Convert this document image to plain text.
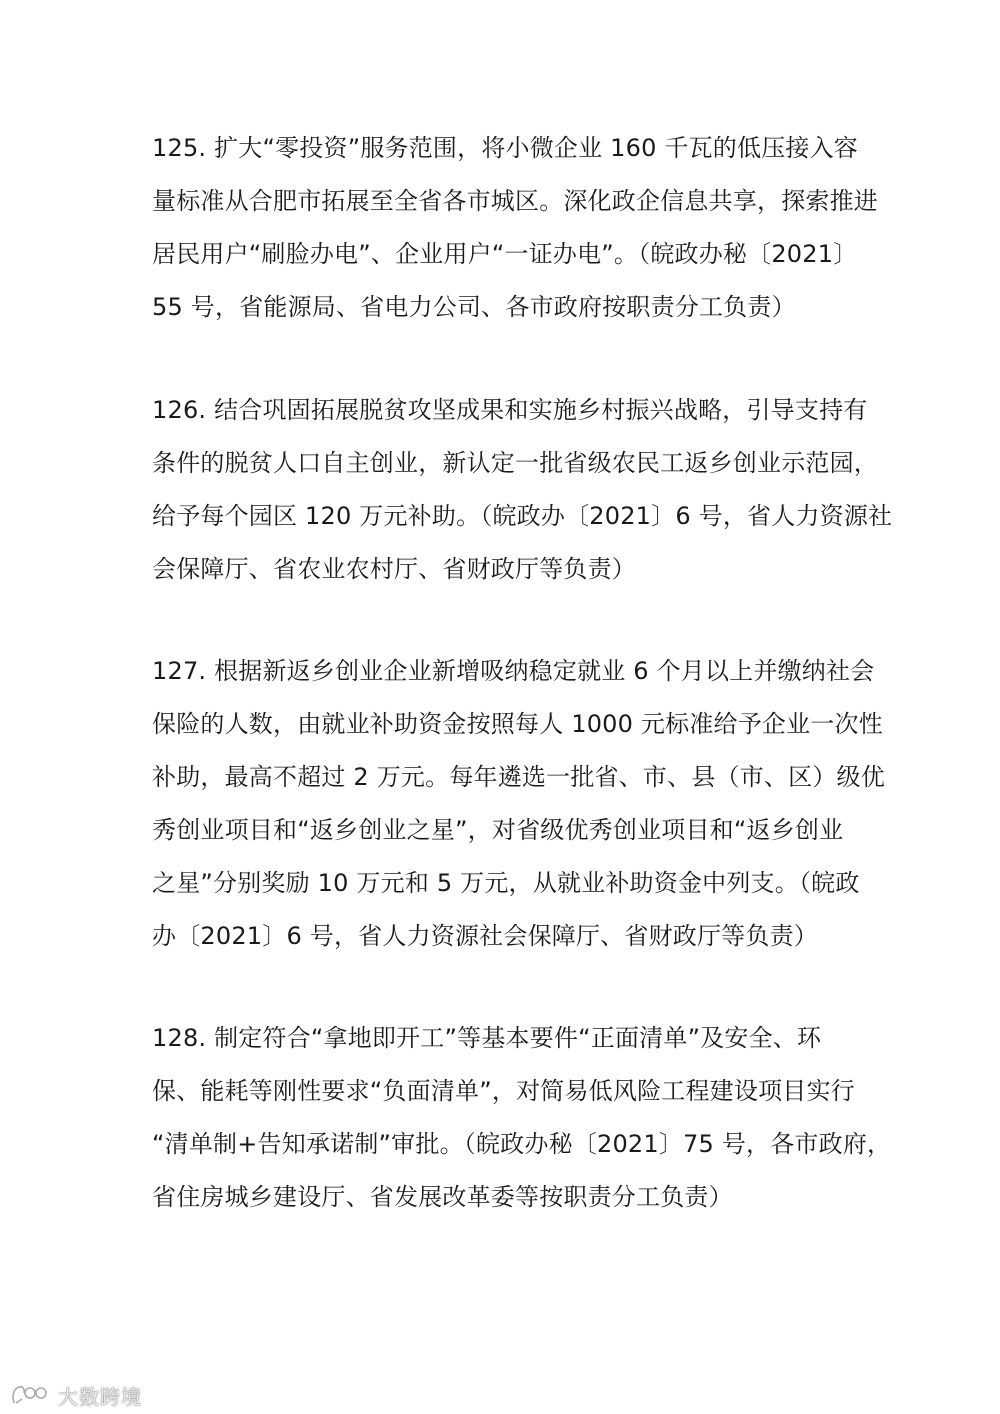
125. 扩大“零投资”服务范围，将小微企业 160 千瓦的低压接入容
量标准从合肥市拓展至全省各市城区。深化政企信息共享，探索推进
居民用户“刷脸办电”、企业用户“一证办电”。（皖政办秘〔2021〕
55 号，省能源局、省电力公司、各市政府按职责分工负责）
126. 结合巩固拓展脱贫攻坚成果和实施乡村振兴战略，引导支持有
条件的脱贫人口自主创业，新认定一批省级农民工返乡创业示范园，
给予每个园区 120 万元补助。（皖政办〔2021〕6 号，省人力资源社
会保障厅、省农业农村厅、省财政厅等负责）
127. 根据新返乡创业企业新增吸纳稳定就业 6 个月以上并缴纳社会
保险的人数，由就业补助资金按照每人 1000 元标准给予企业一次性
补助，最高不超过 2 万元。每年遴选一批省、市、县（市、区）级优
秀创业项目和“返乡创业之星”，对省级优秀创业项目和“返乡创业
之星”分别奖励 10 万元和 5 万元，从就业补助资金中列支。（皖政
办〔2021〕6 号，省人力资源社会保障厅、省财政厅等负责）
128. 制定符合“拿地即开工”等基本要件“正面清单”及安全、环
保、能耗等刚性要求“负面清单”，对简易低风险工程建设项目实行
“清单制+告知承诺制”审批。（皖政办秘〔2021〕75 号，各市政府，
省住房城乡建设厅、省发展改革委等按职责分工负责）
大数跨境
